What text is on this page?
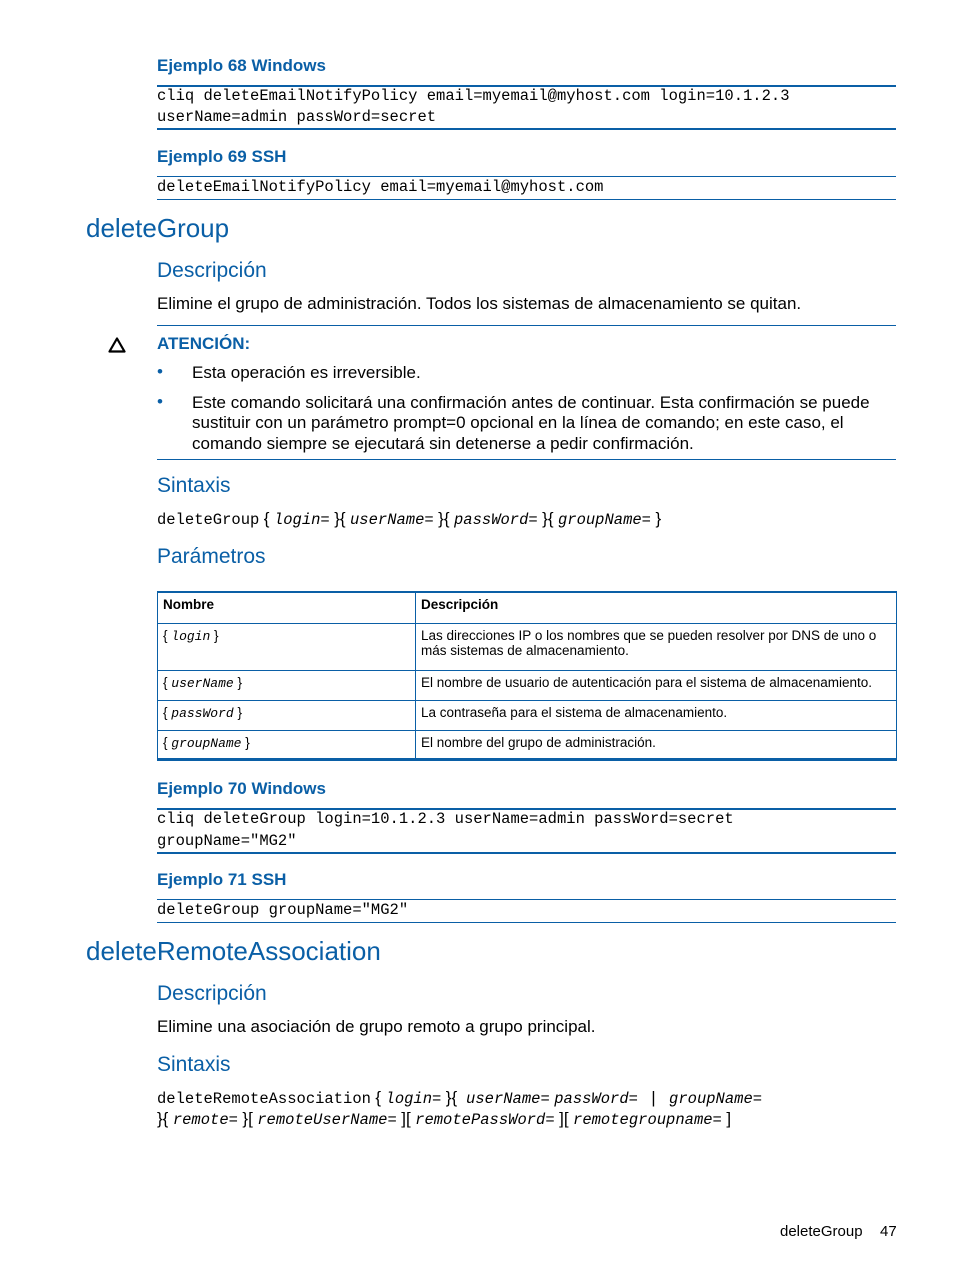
Ejemplo 68 Windows
cliq deleteEmailNotifyPolicy email=myemail@myhost.com login=10.1.2.3
userName=admin passWord=secret
Ejemplo 69 SSH
deleteEmailNotifyPolicy email=myemail@myhost.com
deleteGroup
Descripción
Elimine el grupo de administración. Todos los sistemas de almacenamiento se quitan.
ATENCIÓN:
• Esta operación es irreversible.
• Este comando solicitará una confirmación antes de continuar. Esta confirmación se puede
sustituir con un parámetro prompt=0 opcional en la línea de comando; en este caso, el
comando siempre se ejecutará sin detenerse a pedir confirmación.
Sintaxis
deleteGroup { login= }{ userName= }{ passWord= }{ groupName= }
Parámetros
Nombre	Descripción
{ login }	Las direcciones IP o los nombres que se pueden resolver por DNS de uno o
más sistemas de almacenamiento.

{ userName }	El nombre de usuario de autenticación para el sistema de almacenamiento.
{ passWord }	La contraseña para el sistema de almacenamiento.
{ groupName }	El nombre del grupo de administración.
Ejemplo 70 Windows
cliq deleteGroup login=10.1.2.3 userName=admin passWord=secret
groupName="MG2"
Ejemplo 71 SSH
deleteGroup groupName="MG2"
deleteRemoteAssociation
Descripción
Elimine una asociación de grupo remoto a grupo principal.
Sintaxis
deleteRemoteAssociation { login= }{ userName= passWord= | groupName=
}{ remote= }[ remoteUserName= ][ remotePassWord= ][ remotegroupname= ]
deleteGroup 47
